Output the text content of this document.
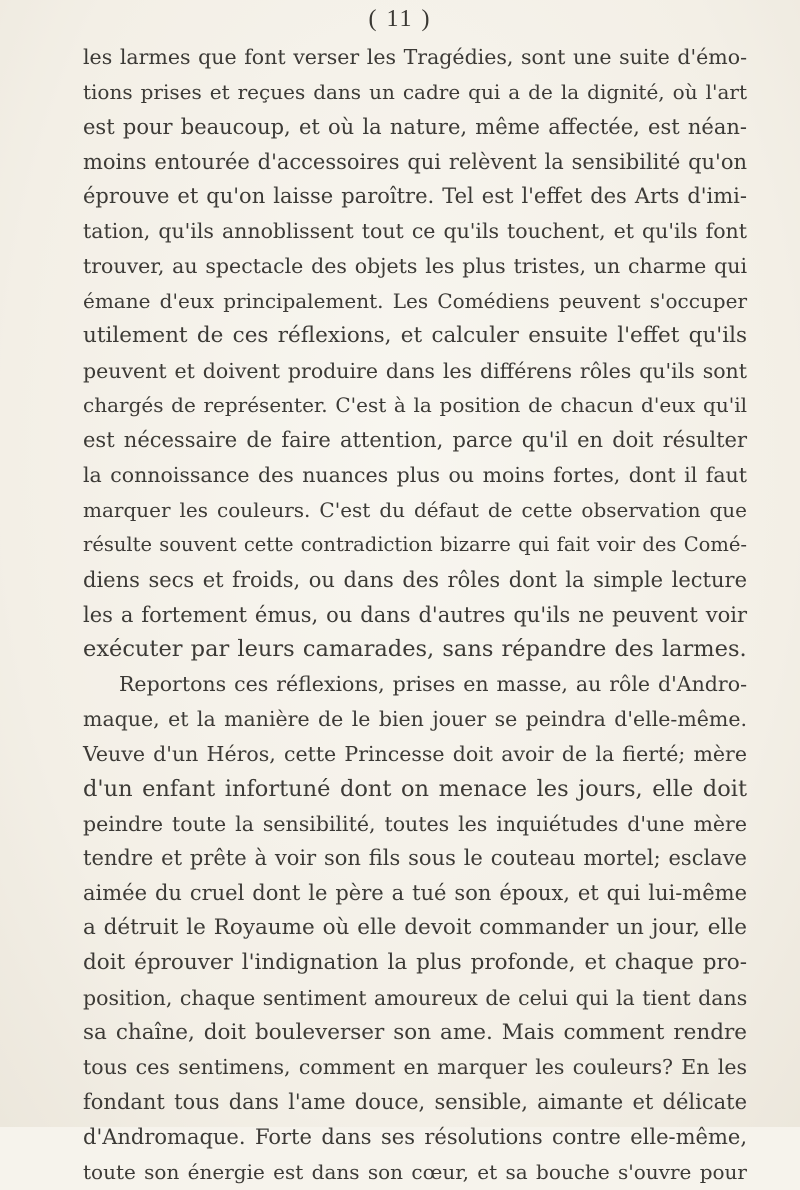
( 11 )
les larmes que font verser les Tragédies, sont une suite d'émo-
tions prises et reçues dans un cadre qui a de la dignité, où l'art
est pour beaucoup, et où la nature, même affectée, est néan-
moins entourée d'accessoires qui relèvent la sensibilité qu'on
éprouve et qu'on laisse paroître. Tel est l'effet des Arts d'imi-
tation, qu'ils annoblissent tout ce qu'ils touchent, et qu'ils font
trouver, au spectacle des objets les plus tristes, un charme qui
émane d'eux principalement. Les Comédiens peuvent s'occuper
utilement de ces réflexions, et calculer ensuite l'effet qu'ils
peuvent et doivent produire dans les différens rôles qu'ils sont
chargés de représenter. C'est à la position de chacun d'eux qu'il
est nécessaire de faire attention, parce qu'il en doit résulter
la connoissance des nuances plus ou moins fortes, dont il faut
marquer les couleurs. C'est du défaut de cette observation que
résulte souvent cette contradiction bizarre qui fait voir des Comé-
diens secs et froids, ou dans des rôles dont la simple lecture
les a fortement émus, ou dans d'autres qu'ils ne peuvent voir
exécuter par leurs camarades, sans répandre des larmes.
Reportons ces réflexions, prises en masse, au rôle d'Andro-
maque, et la manière de le bien jouer se peindra d'elle-même.
Veuve d'un Héros, cette Princesse doit avoir de la fierté; mère
d'un enfant infortuné dont on menace les jours, elle doit
peindre toute la sensibilité, toutes les inquiétudes d'une mère
tendre et prête à voir son fils sous le couteau mortel; esclave
aimée du cruel dont le père a tué son époux, et qui lui-même
a détruit le Royaume où elle devoit commander un jour, elle
doit éprouver l'indignation la plus profonde, et chaque pro-
position, chaque sentiment amoureux de celui qui la tient dans
sa chaîne, doit bouleverser son ame. Mais comment rendre
tous ces sentimens, comment en marquer les couleurs? En les
fondant tous dans l'ame douce, sensible, aimante et délicate
d'Andromaque. Forte dans ses résolutions contre elle-même,
toute son énergie est dans son cœur, et sa bouche s'ouvre pour
